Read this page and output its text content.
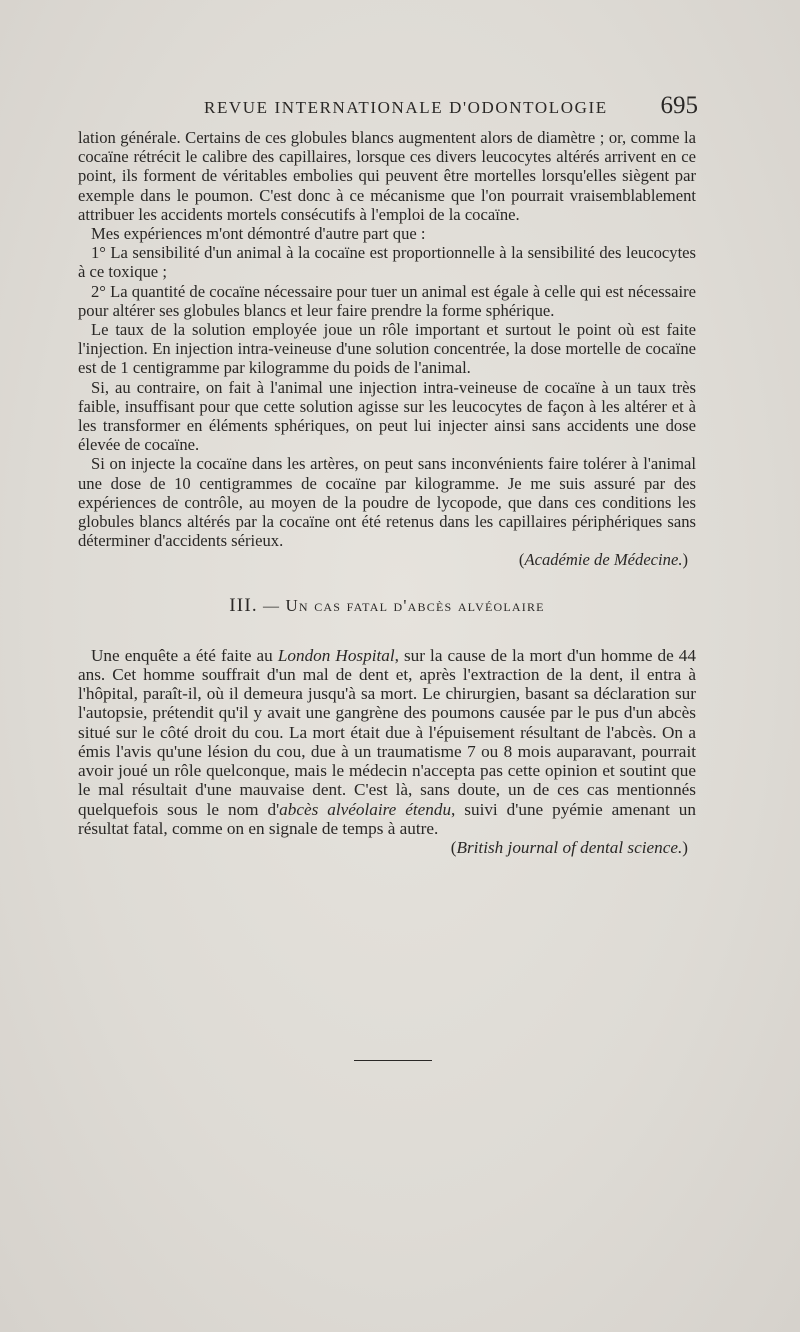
REVUE INTERNATIONALE D'ODONTOLOGIE 695

lation générale. Certains de ces globules blancs augmentent alors de diamètre ; or, comme la cocaïne rétrécit le calibre des capillaires, lorsque ces divers leucocytes altérés arrivent en ce point, ils forment de véritables embolies qui peuvent être mortelles lorsqu'elles siègent par exemple dans le poumon. C'est donc à ce mécanisme que l'on pourrait vraisemblablement attribuer les accidents mortels consécutifs à l'emploi de la cocaïne.

Mes expériences m'ont démontré d'autre part que :

1° La sensibilité d'un animal à la cocaïne est proportionnelle à la sensibilité des leucocytes à ce toxique ;

2° La quantité de cocaïne nécessaire pour tuer un animal est égale à celle qui est nécessaire pour altérer ses globules blancs et leur faire prendre la forme sphérique.

Le taux de la solution employée joue un rôle important et surtout le point où est faite l'injection. En injection intra-veineuse d'une solution concentrée, la dose mortelle de cocaïne est de 1 centigramme par kilogramme du poids de l'animal.

Si, au contraire, on fait à l'animal une injection intra-veineuse de cocaïne à un taux très faible, insuffisant pour que cette solution agisse sur les leucocytes de façon à les altérer et à les transformer en éléments sphériques, on peut lui injecter ainsi sans accidents une dose élevée de cocaïne.

Si on injecte la cocaïne dans les artères, on peut sans inconvénients faire tolérer à l'animal une dose de 10 centigrammes de cocaïne par kilogramme. Je me suis assuré par des expériences de contrôle, au moyen de la poudre de lycopode, que dans ces conditions les globules blancs altérés par la cocaïne ont été retenus dans les capillaires périphériques sans déterminer d'accidents sérieux.

(Académie de Médecine.)

III. — Un cas fatal d'abcès alvéolaire

Une enquête a été faite au London Hospital, sur la cause de la mort d'un homme de 44 ans. Cet homme souffrait d'un mal de dent et, après l'extraction de la dent, il entra à l'hôpital, paraît-il, où il demeura jusqu'à sa mort. Le chirurgien, basant sa déclaration sur l'autopsie, prétendit qu'il y avait une gangrène des poumons causée par le pus d'un abcès situé sur le côté droit du cou. La mort était due à l'épuisement résultant de l'abcès. On a émis l'avis qu'une lésion du cou, due à un traumatisme 7 ou 8 mois auparavant, pourrait avoir joué un rôle quelconque, mais le médecin n'accepta pas cette opinion et soutint que le mal résultait d'une mauvaise dent. C'est là, sans doute, un de ces cas mentionnés quelquefois sous le nom d'abcès alvéolaire étendu, suivi d'une pyémie amenant un résultat fatal, comme on en signale de temps à autre.

(British journal of dental science.)
